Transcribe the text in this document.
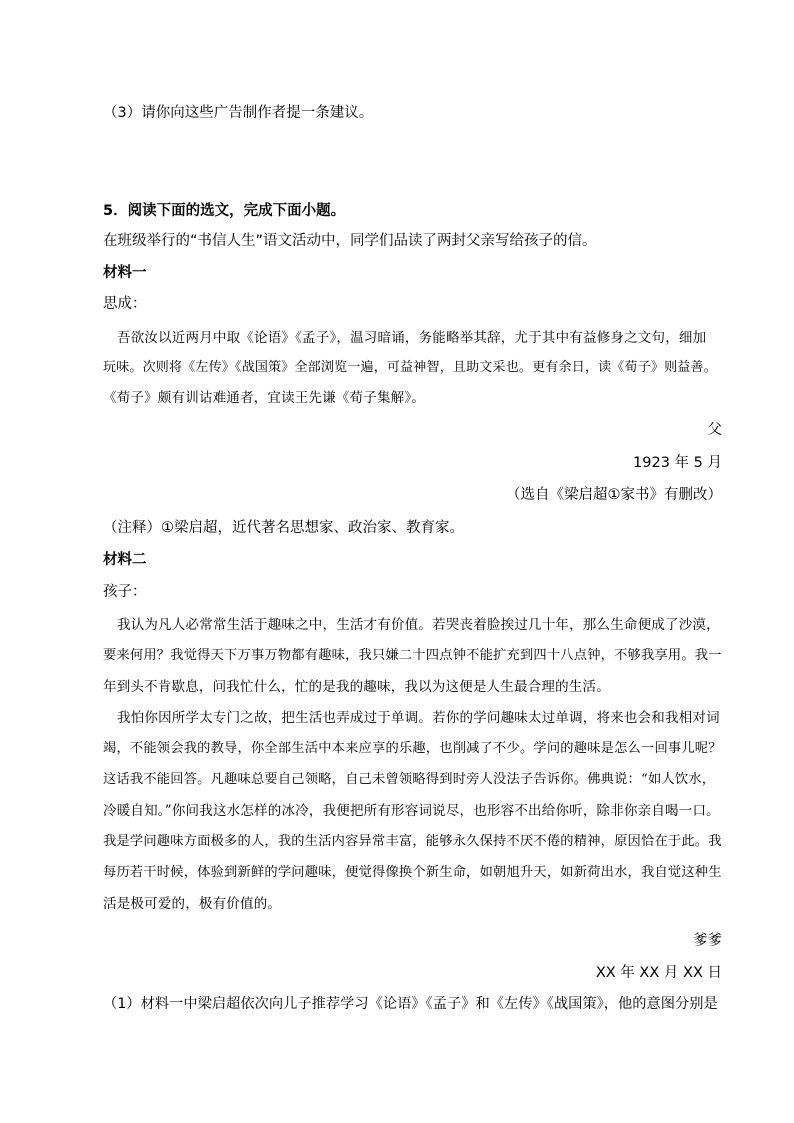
（3）请你向这些广告制作者提一条建议。
5．阅读下面的选文，完成下面小题。
在班级举行的“书信人生”语文活动中，同学们品读了两封父亲写给孩子的信。
材料一
思成：
吾欲汝以近两月中取《论语》《孟子》，温习暗诵，务能略举其辞，尤于其中有益修身之文句，细加
玩味。次则将《左传》《战国策》全部浏览一遍，可益神智，且助文采也。更有余日，读《荀子》则益善。
《荀子》颇有训诂难通者，宜读王先谦《荀子集解》。
父
1923 年 5 月
（选自《梁启超①家书》有删改）
（注释）①梁启超，近代著名思想家、政治家、教育家。
材料二
孩子：
我认为凡人必常常生活于趣味之中，生活才有价值。若哭丧着脸挨过几十年，那么生命便成了沙漠，
要来何用？我觉得天下万事万物都有趣味，我只嫌二十四点钟不能扩充到四十八点钟，不够我享用。我一
年到头不肯歇息，问我忙什么，忙的是我的趣味，我以为这便是人生最合理的生活。
我怕你因所学太专门之故，把生活也弄成过于单调。若你的学问趣味太过单调，将来也会和我相对词
竭，不能领会我的教导，你全部生活中本来应享的乐趣，也削减了不少。学问的趣味是怎么一回事儿呢？
这话我不能回答。凡趣味总要自己领略，自己未曾领略得到时旁人没法子告诉你。佛典说：“如人饮水，
冷暖自知。”你问我这水怎样的冰冷，我便把所有形容词说尽，也形容不出给你听，除非你亲自喝一口。
我是学问趣味方面极多的人，我的生活内容异常丰富，能够永久保持不厌不倦的精神，原因恰在于此。我
每历若干时候，体验到新鲜的学问趣味，便觉得像换个新生命，如朝旭升天，如新荷出水，我自觉这种生
活是极可爱的，极有价值的。
爹爹
XX 年 XX 月 XX 日
（1）材料一中梁启超依次向儿子推荐学习《论语》《孟子》和《左传》《战国策》，他的意图分别是
